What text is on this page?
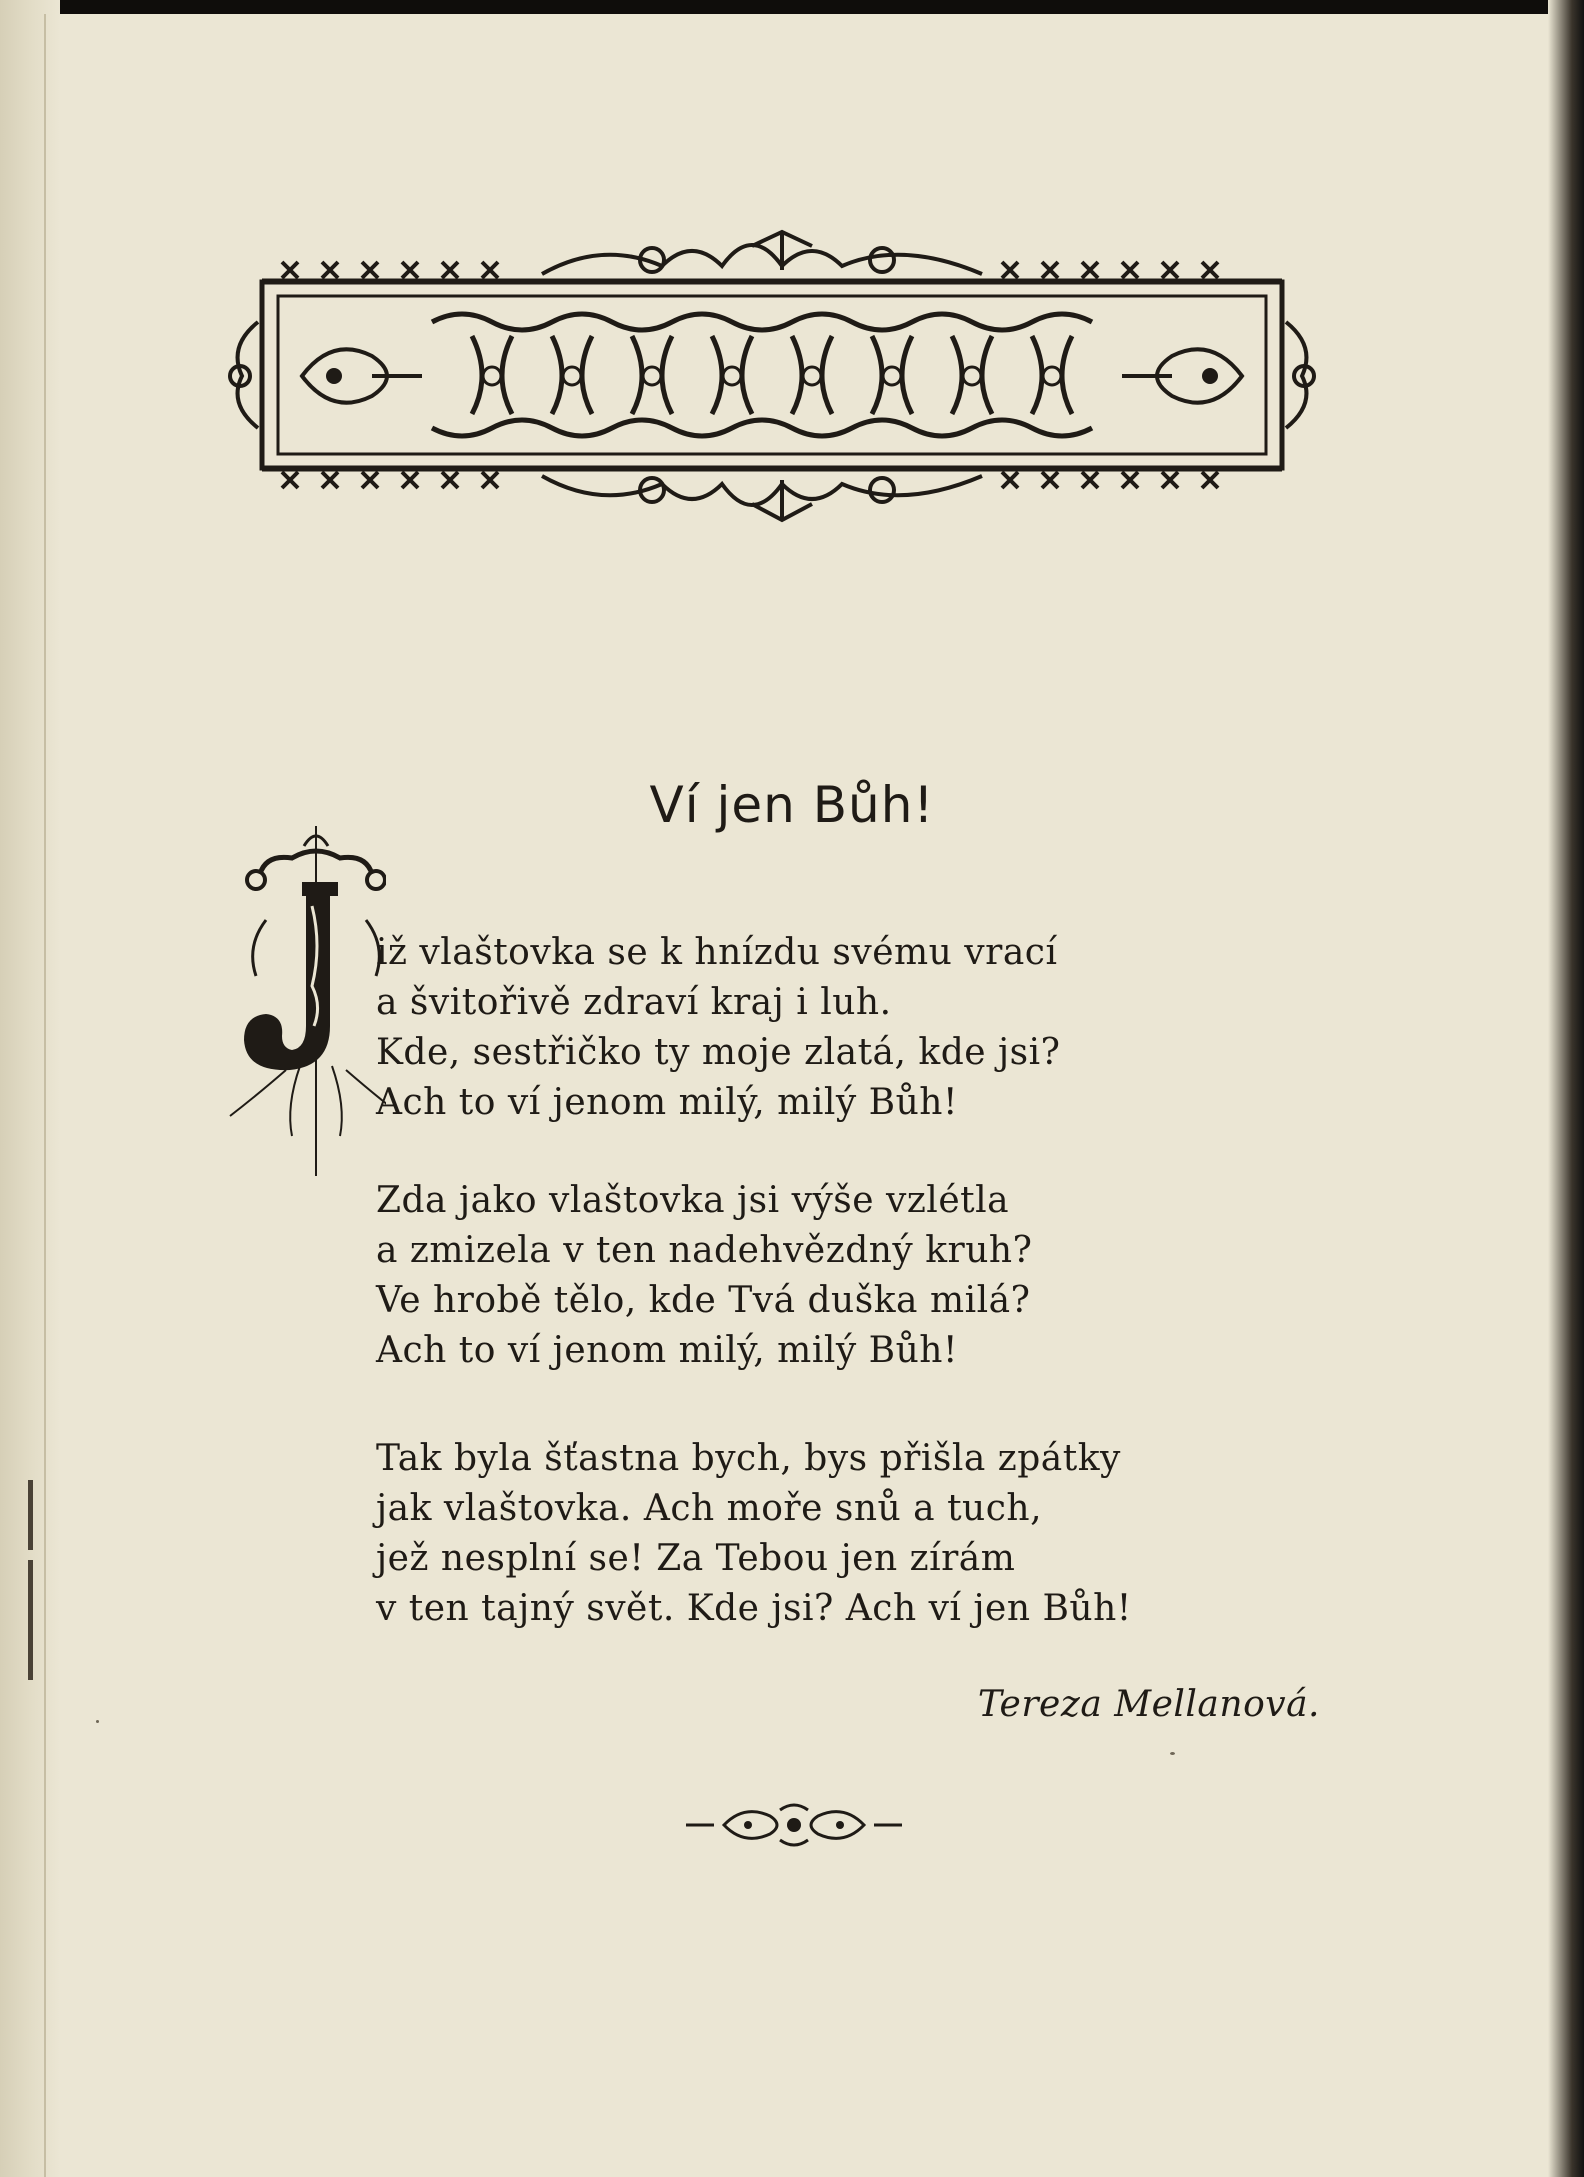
Ví jen Bůh!
iž vlaštovka se k hnízdu svému vrací
a švitořivě zdraví kraj i luh.
Kde, sestřičko ty moje zlatá, kde jsi?
Ach to ví jenom milý, milý Bůh!
Zda jako vlaštovka jsi výše vzlétla
a zmizela v ten nadehvězdný kruh?
Ve hrobě tělo, kde Tvá duška milá?
Ach to ví jenom milý, milý Bůh!
Tak byla šťastna bych, bys přišla zpátky
jak vlaštovka. Ach moře snů a tuch,
jež nesplní se! Za Tebou jen zírám
v ten tajný svět. Kde jsi? Ach ví jen Bůh!
Tereza Mellanová.
